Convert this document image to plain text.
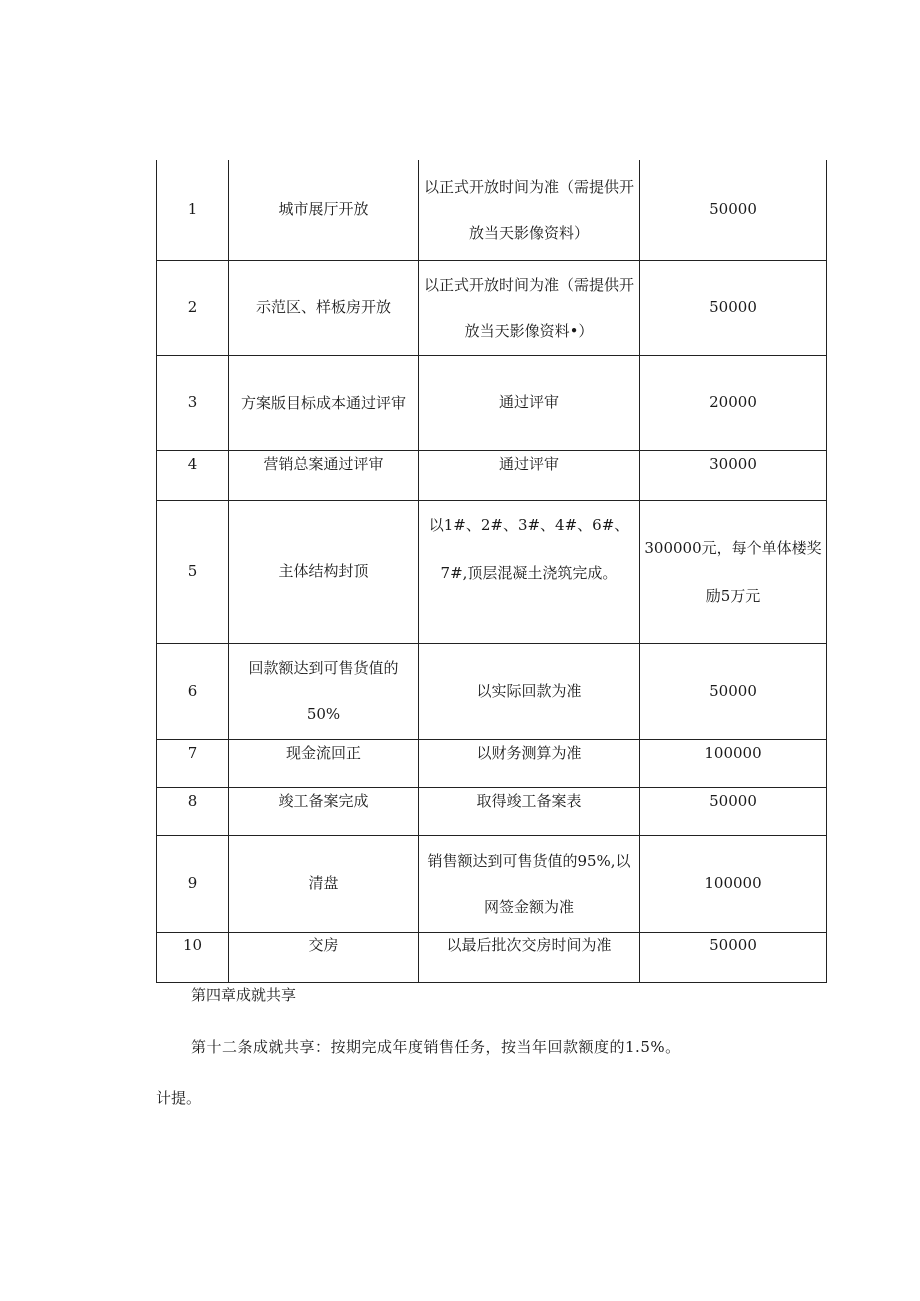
1	城市展厅开放	以正式开放时间为准（需提供开放当天影像资料）	50000
2	示范区、样板房开放	以正式开放时间为准（需提供开放当天影像资料•）	50000
3	方案版目标成本通过评审	通过评审	20000
4	营销总案通过评审	通过评审	30000
5	主体结构封顶	以1#、2#、3#、4#、6#、7#,顶层混凝土浇筑完成。	300000元，每个单体楼奖励5万元
6	回款额达到可售货值的50%	以实际回款为准	50000
7	现金流回正	以财务测算为准	100000
8	竣工备案完成	取得竣工备案表	50000
9	清盘	销售额达到可售货值的95%,以网签金额为准	100000
10	交房	以最后批次交房时间为准	50000
第四章成就共享
第十二条成就共享：按期完成年度销售任务，按当年回款额度的1.5%。
计提。
